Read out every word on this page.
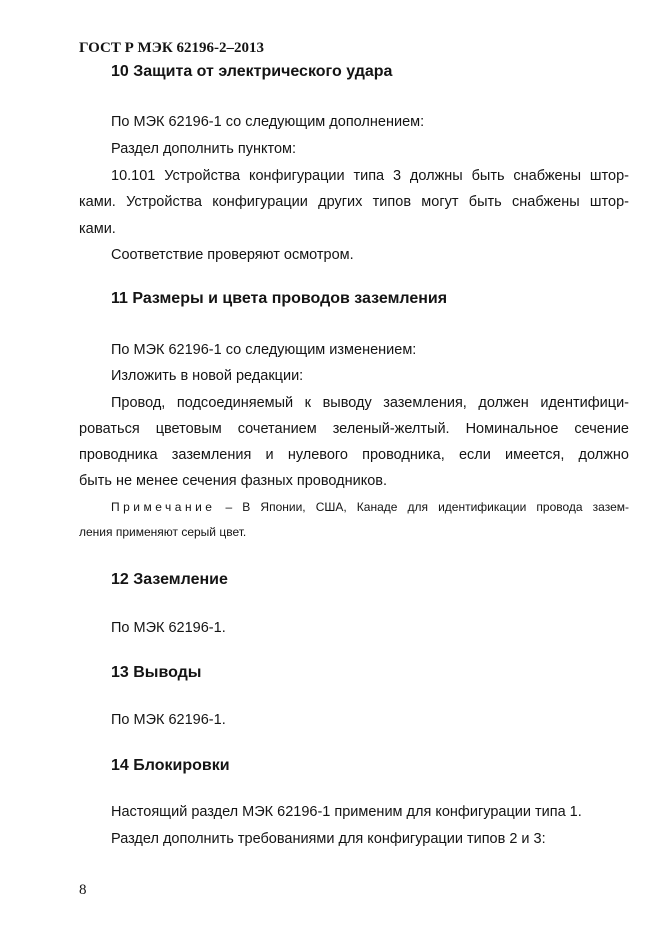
ГОСТ Р МЭК 62196-2–2013
10 Защита от электрического удара
По МЭК 62196-1 со следующим дополнением:
Раздел дополнить пунктом:
10.101 Устройства конфигурации типа 3 должны быть снабжены штор-
ками. Устройства конфигурации других типов могут быть снабжены штор-
ками.
Соответствие проверяют осмотром.
11 Размеры и цвета проводов заземления
По МЭК 62196-1 со следующим изменением:
Изложить в новой редакции:
Провод, подсоединяемый к выводу заземления, должен идентифици-
роваться цветовым сочетанием зеленый-желтый. Номинальное сечение
проводника заземления и нулевого проводника, если имеется, должно
быть не менее сечения фазных проводников.
Примечание – В Японии, США, Канаде для идентификации провода зазем-
ления применяют серый цвет.
12 Заземление
По МЭК 62196-1.
13 Выводы
По МЭК 62196-1.
14 Блокировки
Настоящий раздел МЭК 62196-1 применим для конфигурации типа 1.
Раздел дополнить требованиями для конфигурации типов 2 и 3:
8
